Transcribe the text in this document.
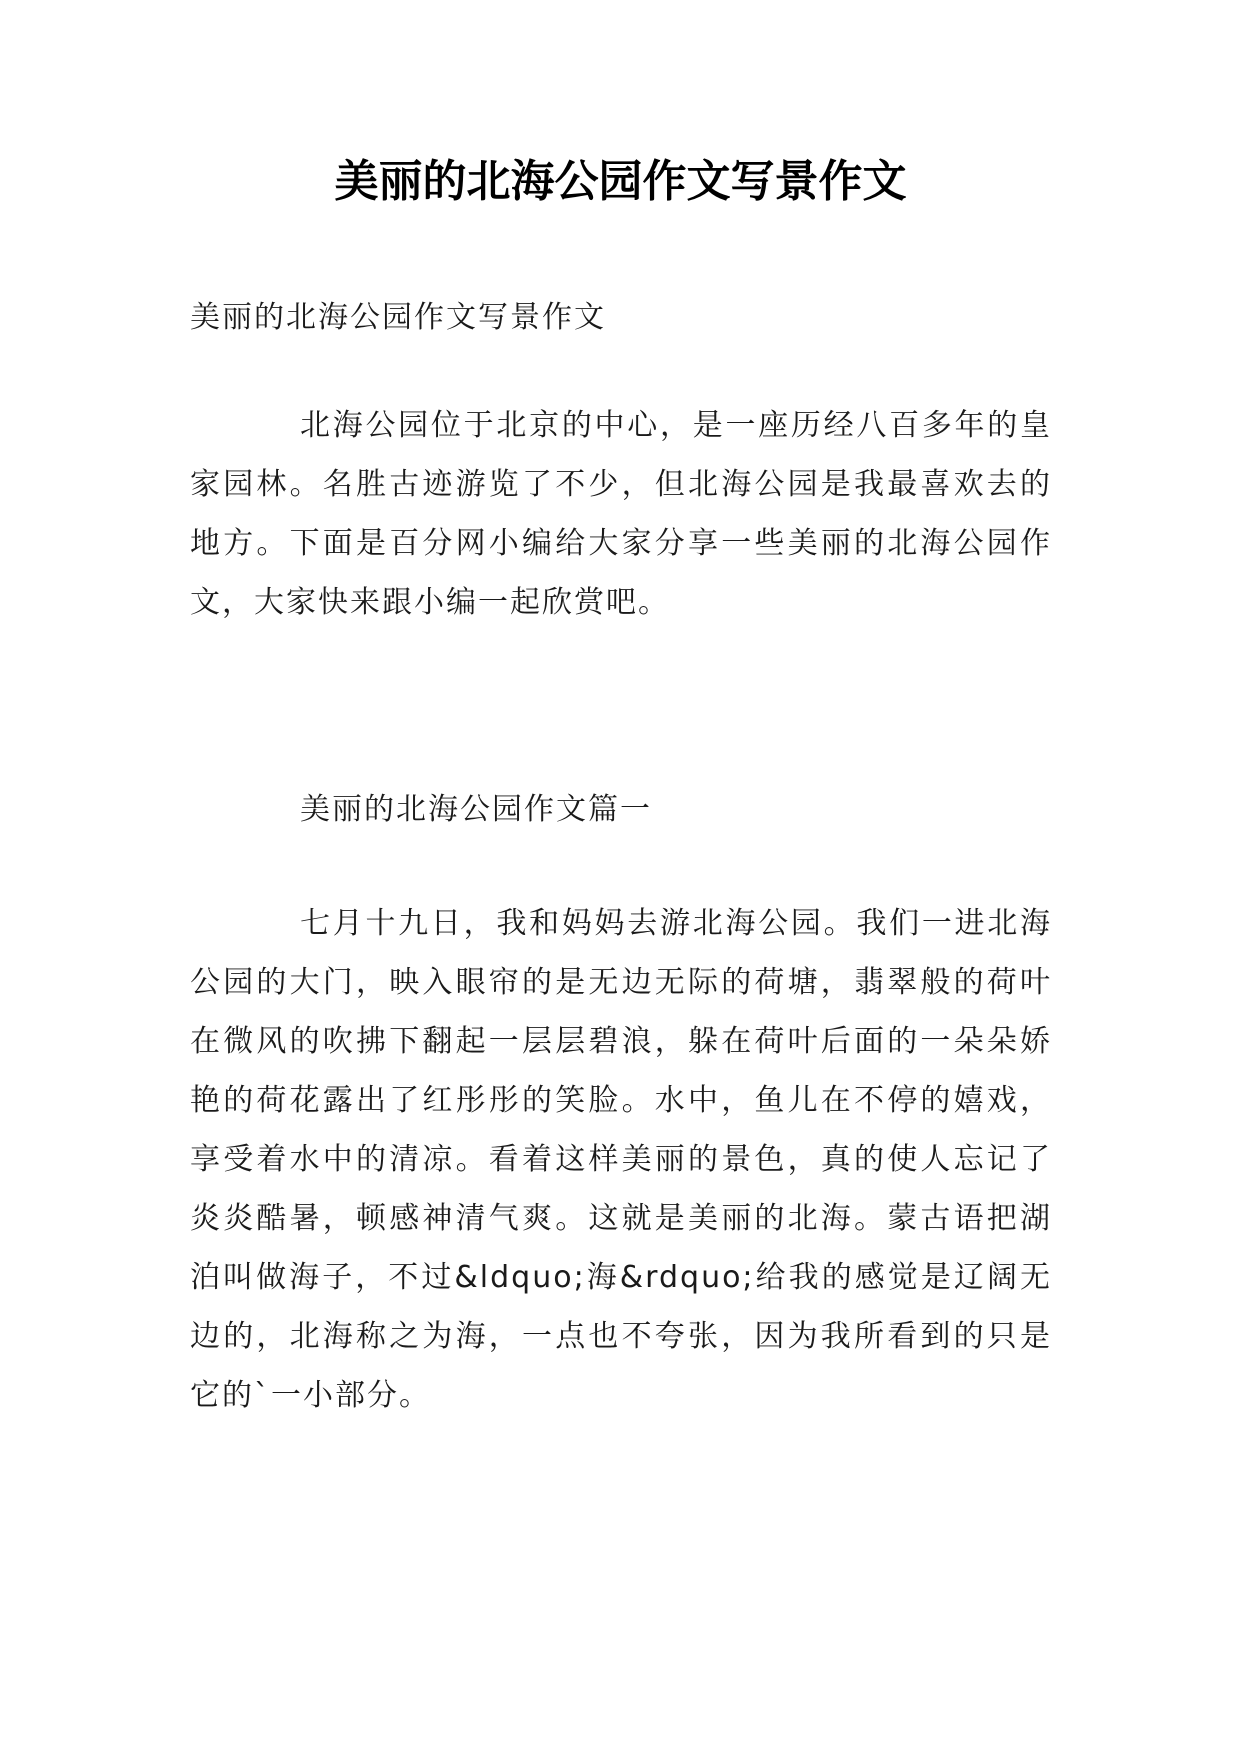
美丽的北海公园作文写景作文

美丽的北海公园作文写景作文

北海公园位于北京的中心，是一座历经八百多年的皇家园林。名胜古迹游览了不少，但北海公园是我最喜欢去的地方。下面是百分网小编给大家分享一些美丽的北海公园作文，大家快来跟小编一起欣赏吧。

美丽的北海公园作文篇一

七月十九日，我和妈妈去游北海公园。我们一进北海公园的大门，映入眼帘的是无边无际的荷塘，翡翠般的荷叶在微风的吹拂下翻起一层层碧浪，躲在荷叶后面的一朵朵娇艳的荷花露出了红彤彤的笑脸。水中，鱼儿在不停的嬉戏，享受着水中的清凉。看着这样美丽的景色，真的使人忘记了炎炎酷暑，顿感神清气爽。这就是美丽的北海。蒙古语把湖泊叫做海子，不过&ldquo;海&rdquo;给我的感觉是辽阔无边的，北海称之为海，一点也不夸张，因为我所看到的只是它的`一小部分。
